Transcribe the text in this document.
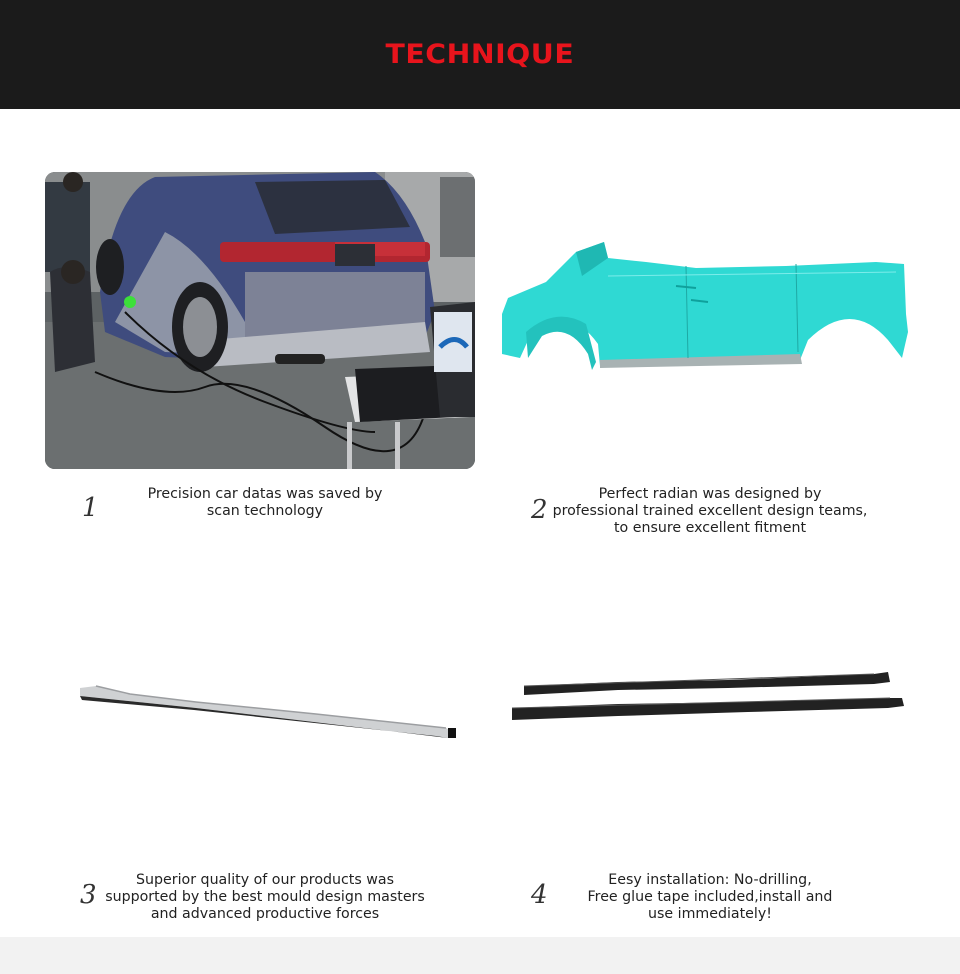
TECHNIQUE
1	Precision car datas was saved by
scan technology	2
Perfect radian was designed by
professional trained excellent design teams,
to ensure excellent fitment
3	Superior quality of our products was
supported by the best mould design masters
and advanced productive forces
4	Eesy installation: No-drilling,
Free glue tape included,install and
use immediately!
